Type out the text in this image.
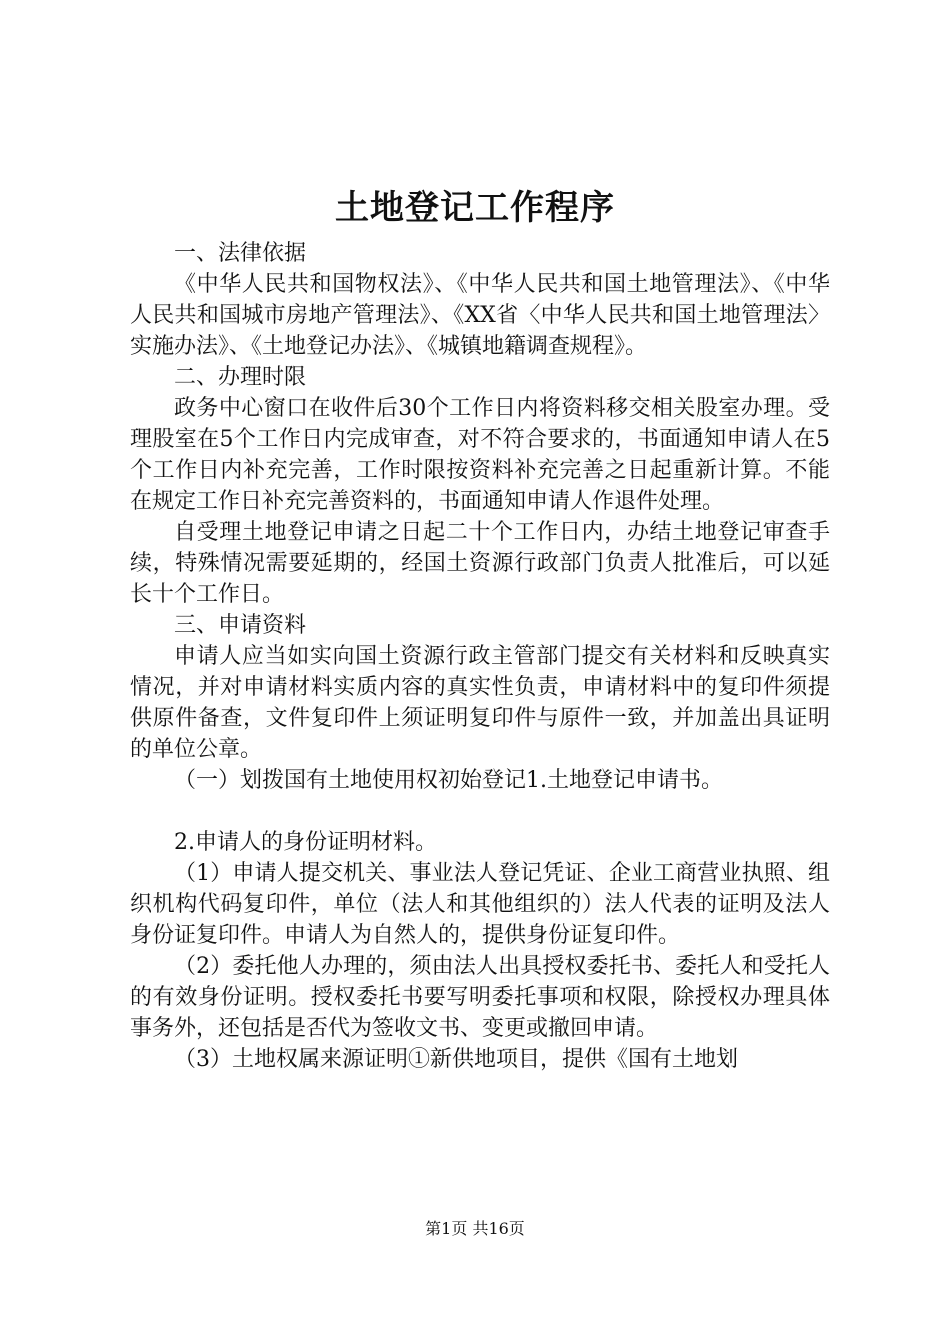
土地登记工作程序

一、法律依据

《中华人民共和国物权法》、《中华人民共和国土地管理法》、《中华人民共和国城市房地产管理法》、《XX省〈中华人民共和国土地管理法〉实施办法》、《土地登记办法》、《城镇地籍调查规程》。

二、办理时限

政务中心窗口在收件后30个工作日内将资料移交相关股室办理。受理股室在5个工作日内完成审查，对不符合要求的，书面通知申请人在5个工作日内补充完善，工作时限按资料补充完善之日起重新计算。不能在规定工作日补充完善资料的，书面通知申请人作退件处理。

自受理土地登记申请之日起二十个工作日内，办结土地登记审查手续，特殊情况需要延期的，经国土资源行政部门负责人批准后，可以延长十个工作日。

三、申请资料

申请人应当如实向国土资源行政主管部门提交有关材料和反映真实情况，并对申请材料实质内容的真实性负责，申请材料中的复印件须提供原件备查，文件复印件上须证明复印件与原件一致，并加盖出具证明的单位公章。

（一）划拨国有土地使用权初始登记1.土地登记申请书。

2.申请人的身份证明材料。

（1）申请人提交机关、事业法人登记凭证、企业工商营业执照、组织机构代码复印件，单位（法人和其他组织的）法人代表的证明及法人身份证复印件。申请人为自然人的，提供身份证复印件。

（2）委托他人办理的，须由法人出具授权委托书、委托人和受托人的有效身份证明。授权委托书要写明委托事项和权限，除授权办理具体事务外，还包括是否代为签收文书、变更或撤回申请。

（3）土地权属来源证明①新供地项目，提供《国有土地划

第1页 共16页
